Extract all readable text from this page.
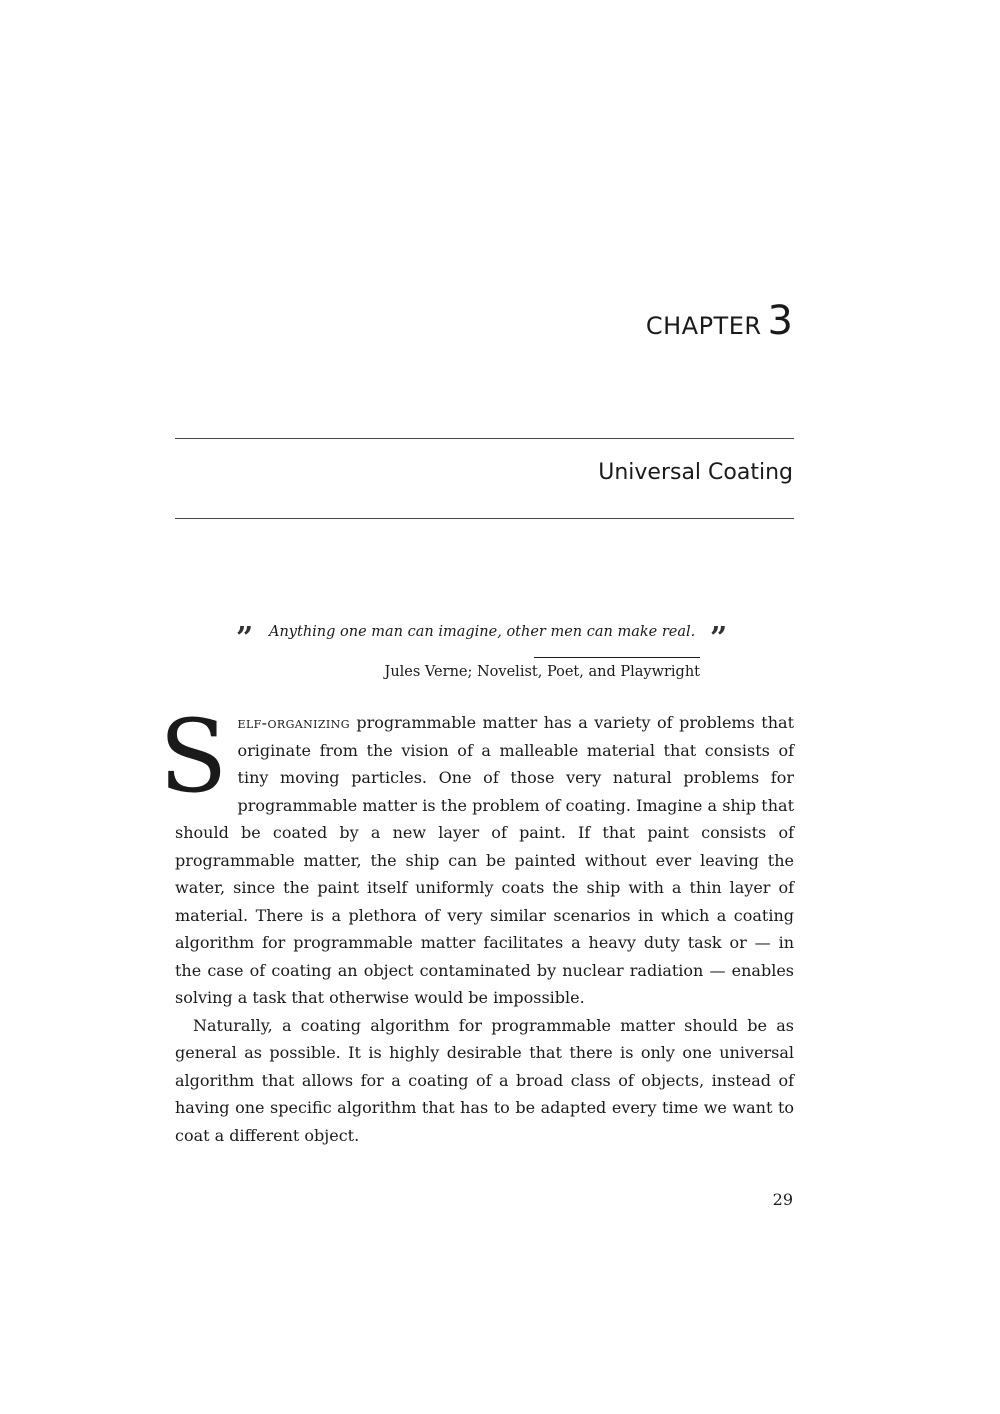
CHAPTER 3
Universal Coating
” Anything one man can imagine, other men can make real. ”
Jules Verne; Novelist, Poet, and Playwright

Self-organizing programmable matter has a variety of problems that originate from the vision of a malleable material that consists of tiny moving particles. One of those very natural problems for programmable matter is the problem of coating. Imagine a ship that should be coated by a new layer of paint. If that paint consists of programmable matter, the ship can be painted without ever leaving the water, since the paint itself uniformly coats the ship with a thin layer of material. There is a plethora of very similar scenarios in which a coating algorithm for programmable matter facilitates a heavy duty task or — in the case of coating an object contaminated by nuclear radiation — enables solving a task that otherwise would be impossible.

Naturally, a coating algorithm for programmable matter should be as general as possible. It is highly desirable that there is only one universal algorithm that allows for a coating of a broad class of objects, instead of having one specific algorithm that has to be adapted every time we want to coat a different object.

29
